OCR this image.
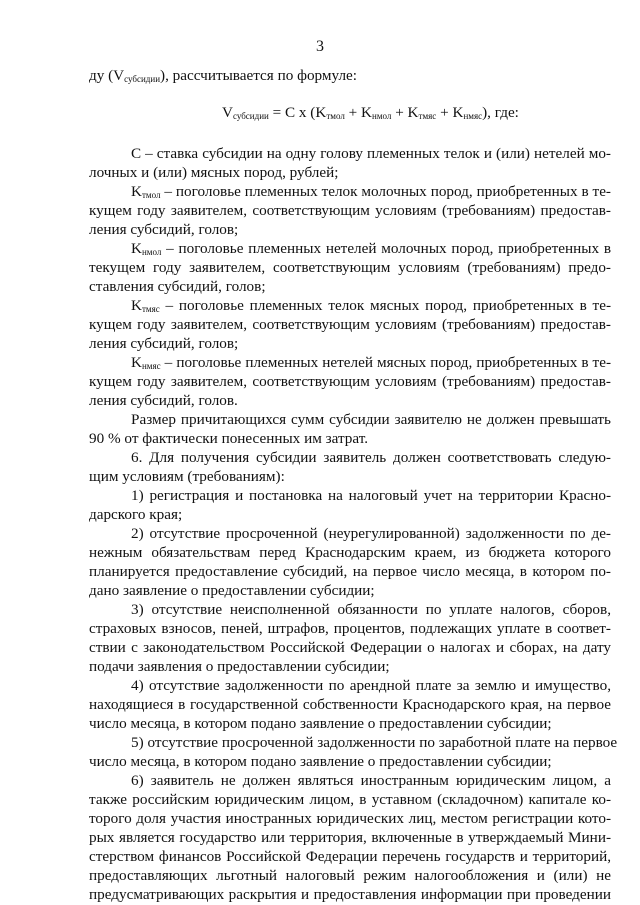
3
ду $(V_{субсидии})$, рассчитывается по формуле:
$V_{субсидии} = C$ x $(K_{тмол} + K_{нмол} + K_{тмяс} + K_{нмяс})$, где:
С – ставка субсидии на одну голову племенных телок и (или) нетелей мо-
лочных и (или) мясных пород, рублей;
$K_{тмол}$ – поголовье племенных телок молочных пород, приобретенных в те-
кущем году заявителем, соответствующим условиям (требованиям) предостав-
ления субсидий, голов;
$K_{нмол}$ – поголовье племенных нетелей молочных пород, приобретенных в
текущем году заявителем, соответствующим условиям (требованиям) предо-
ставления субсидий, голов;
$K_{тмяс}$ – поголовье племенных телок мясных пород, приобретенных в те-
кущем году заявителем, соответствующим условиям (требованиям) предостав-
ления субсидий, голов;
$K_{нмяс}$ – поголовье племенных нетелей мясных пород, приобретенных в те-
кущем году заявителем, соответствующим условиям (требованиям) предостав-
ления субсидий, голов.
Размер причитающихся сумм субсидии заявителю не должен превышать
90 % от фактически понесенных им затрат.
6. Для получения субсидии заявитель должен соответствовать следую-
щим условиям (требованиям):
1) регистрация и постановка на налоговый учет на территории Красно-
дарского края;
2) отсутствие просроченной (неурегулированной) задолженности по де-
нежным обязательствам перед Краснодарским краем, из бюджета которого
планируется предоставление субсидий, на первое число месяца, в котором по-
дано заявление о предоставлении субсидии;
3) отсутствие неисполненной обязанности по уплате налогов, сборов,
страховых взносов, пеней, штрафов, процентов, подлежащих уплате в соответ-
ствии с законодательством Российской Федерации о налогах и сборах, на дату
подачи заявления о предоставлении субсидии;
4) отсутствие задолженности по арендной плате за землю и имущество,
находящиеся в государственной собственности Краснодарского края, на первое
число месяца, в котором подано заявление о предоставлении субсидии;
5) отсутствие просроченной задолженности по заработной плате на первое
число месяца, в котором подано заявление о предоставлении субсидии;
6) заявитель не должен являться иностранным юридическим лицом, а
также российским юридическим лицом, в уставном (складочном) капитале ко-
торого доля участия иностранных юридических лиц, местом регистрации кото-
рых является государство или территория, включенные в утверждаемый Мини-
стерством финансов Российской Федерации перечень государств и территорий,
предоставляющих льготный налоговый режим налогообложения и (или) не
предусматривающих раскрытия и предоставления информации при проведении
